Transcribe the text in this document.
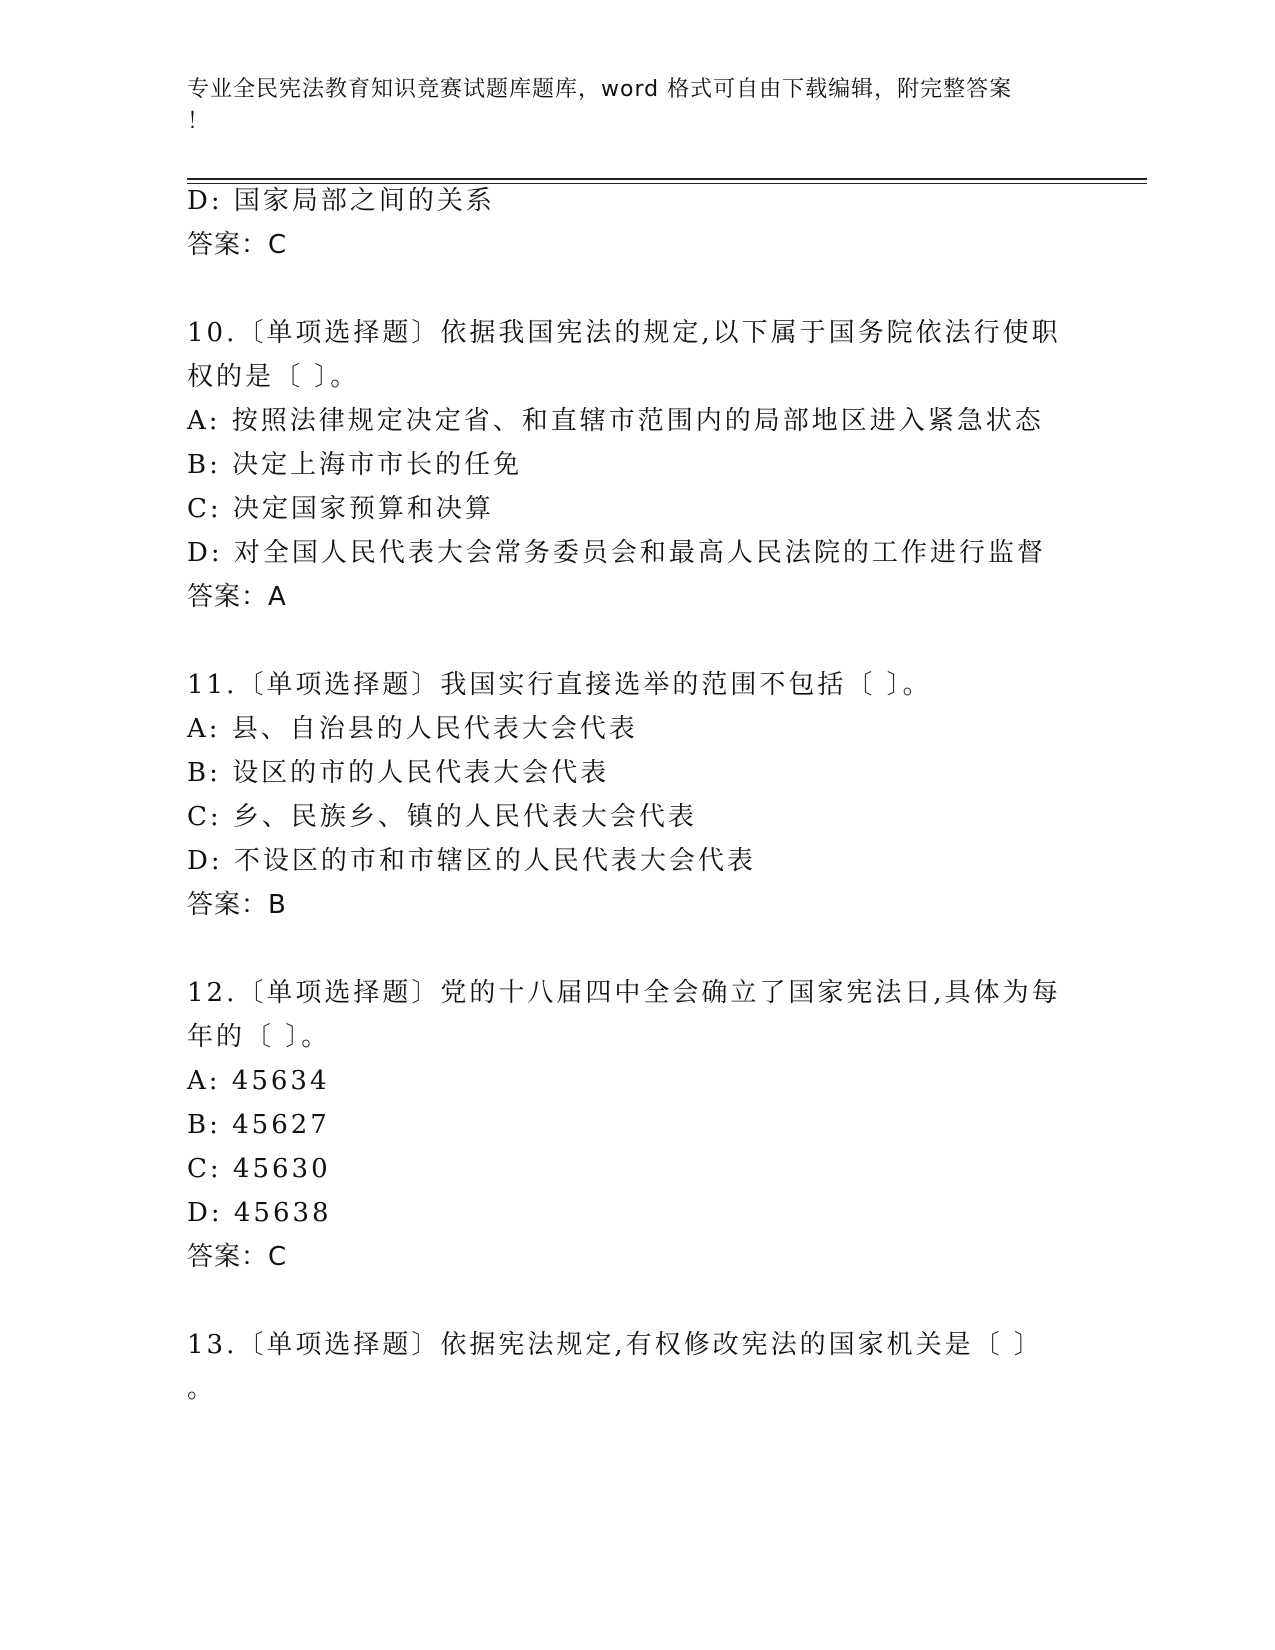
专业全民宪法教育知识竞赛试题库题库，word 格式可自由下载编辑，附完整答案
！
D: 国家局部之间的关系
答案：C
10.〔单项选择题〕依据我国宪法的规定,以下属于国务院依法行使职
权的是〔 〕。
A: 按照法律规定决定省、和直辖市范围内的局部地区进入紧急状态
B: 决定上海市市长的任免
C: 决定国家预算和决算
D: 对全国人民代表大会常务委员会和最高人民法院的工作进行监督
答案：A
11.〔单项选择题〕我国实行直接选举的范围不包括〔 〕。
A: 县、自治县的人民代表大会代表
B: 设区的市的人民代表大会代表
C: 乡、民族乡、镇的人民代表大会代表
D: 不设区的市和市辖区的人民代表大会代表
答案：B
12.〔单项选择题〕党的十八届四中全会确立了国家宪法日,具体为每
年的〔 〕。
A: 45634
B: 45627
C: 45630
D: 45638
答案：C
13.〔单项选择题〕依据宪法规定,有权修改宪法的国家机关是〔 〕
。
